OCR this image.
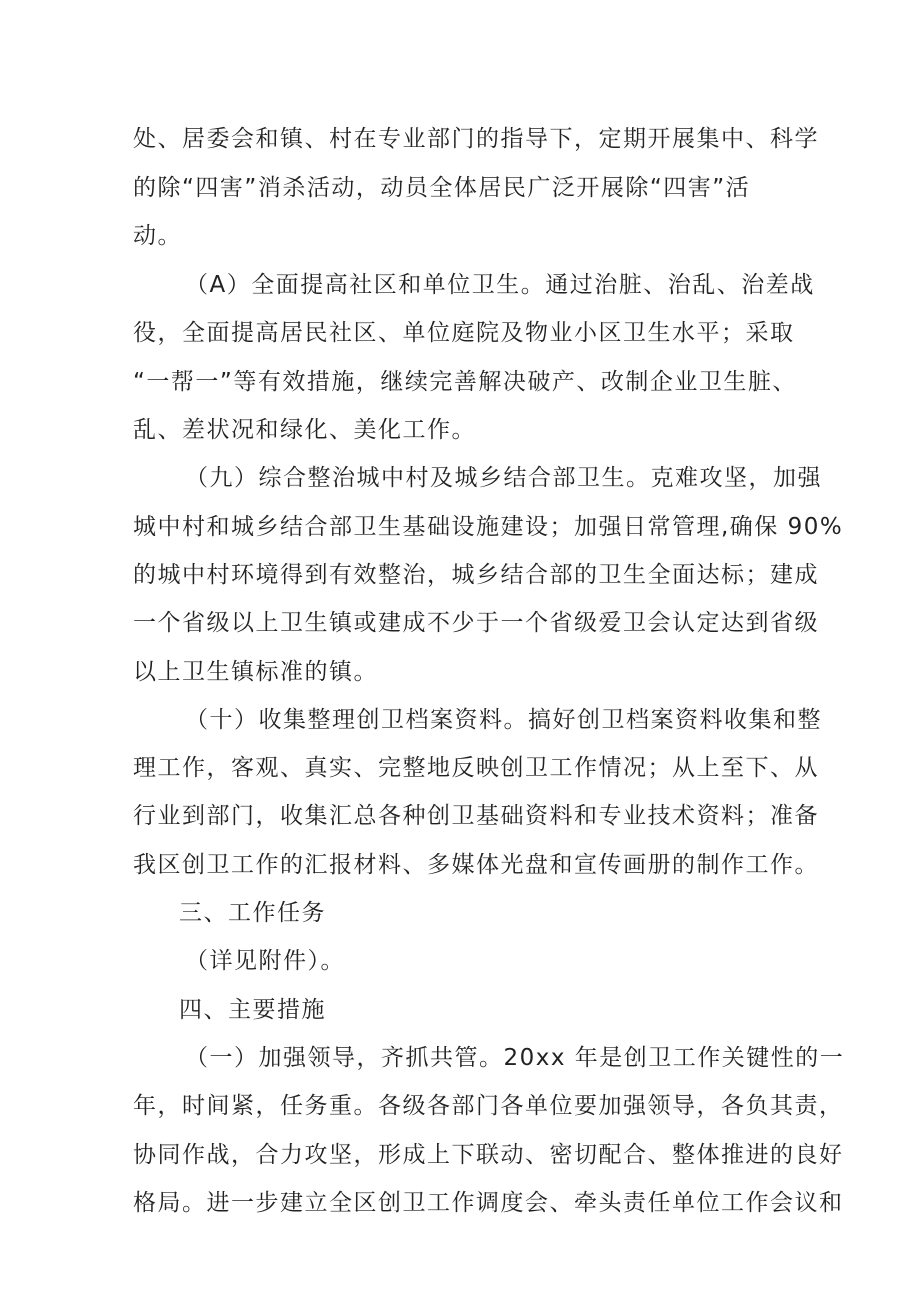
处、居委会和镇、村在专业部门的指导下，定期开展集中、科学
的除“四害”消杀活动，动员全体居民广泛开展除“四害”活
动。
（A）全面提高社区和单位卫生。通过治脏、治乱、治差战
役，全面提高居民社区、单位庭院及物业小区卫生水平；采取
“一帮一”等有效措施，继续完善解决破产、改制企业卫生脏、
乱、差状况和绿化、美化工作。
（九）综合整治城中村及城乡结合部卫生。克难攻坚，加强
城中村和城乡结合部卫生基础设施建设；加强日常管理,确保 90%
的城中村环境得到有效整治，城乡结合部的卫生全面达标；建成
一个省级以上卫生镇或建成不少于一个省级爱卫会认定达到省级
以上卫生镇标准的镇。
（十）收集整理创卫档案资料。搞好创卫档案资料收集和整
理工作，客观、真实、完整地反映创卫工作情况；从上至下、从
行业到部门，收集汇总各种创卫基础资料和专业技术资料；准备
我区创卫工作的汇报材料、多媒体光盘和宣传画册的制作工作。
三、工作任务
（详见附件）。
四、主要措施
（一）加强领导，齐抓共管。20xx 年是创卫工作关键性的一
年，时间紧，任务重。各级各部门各单位要加强领导，各负其责，
协同作战，合力攻坚，形成上下联动、密切配合、整体推进的良好
格局。进一步建立全区创卫工作调度会、牵头责任单位工作会议和
